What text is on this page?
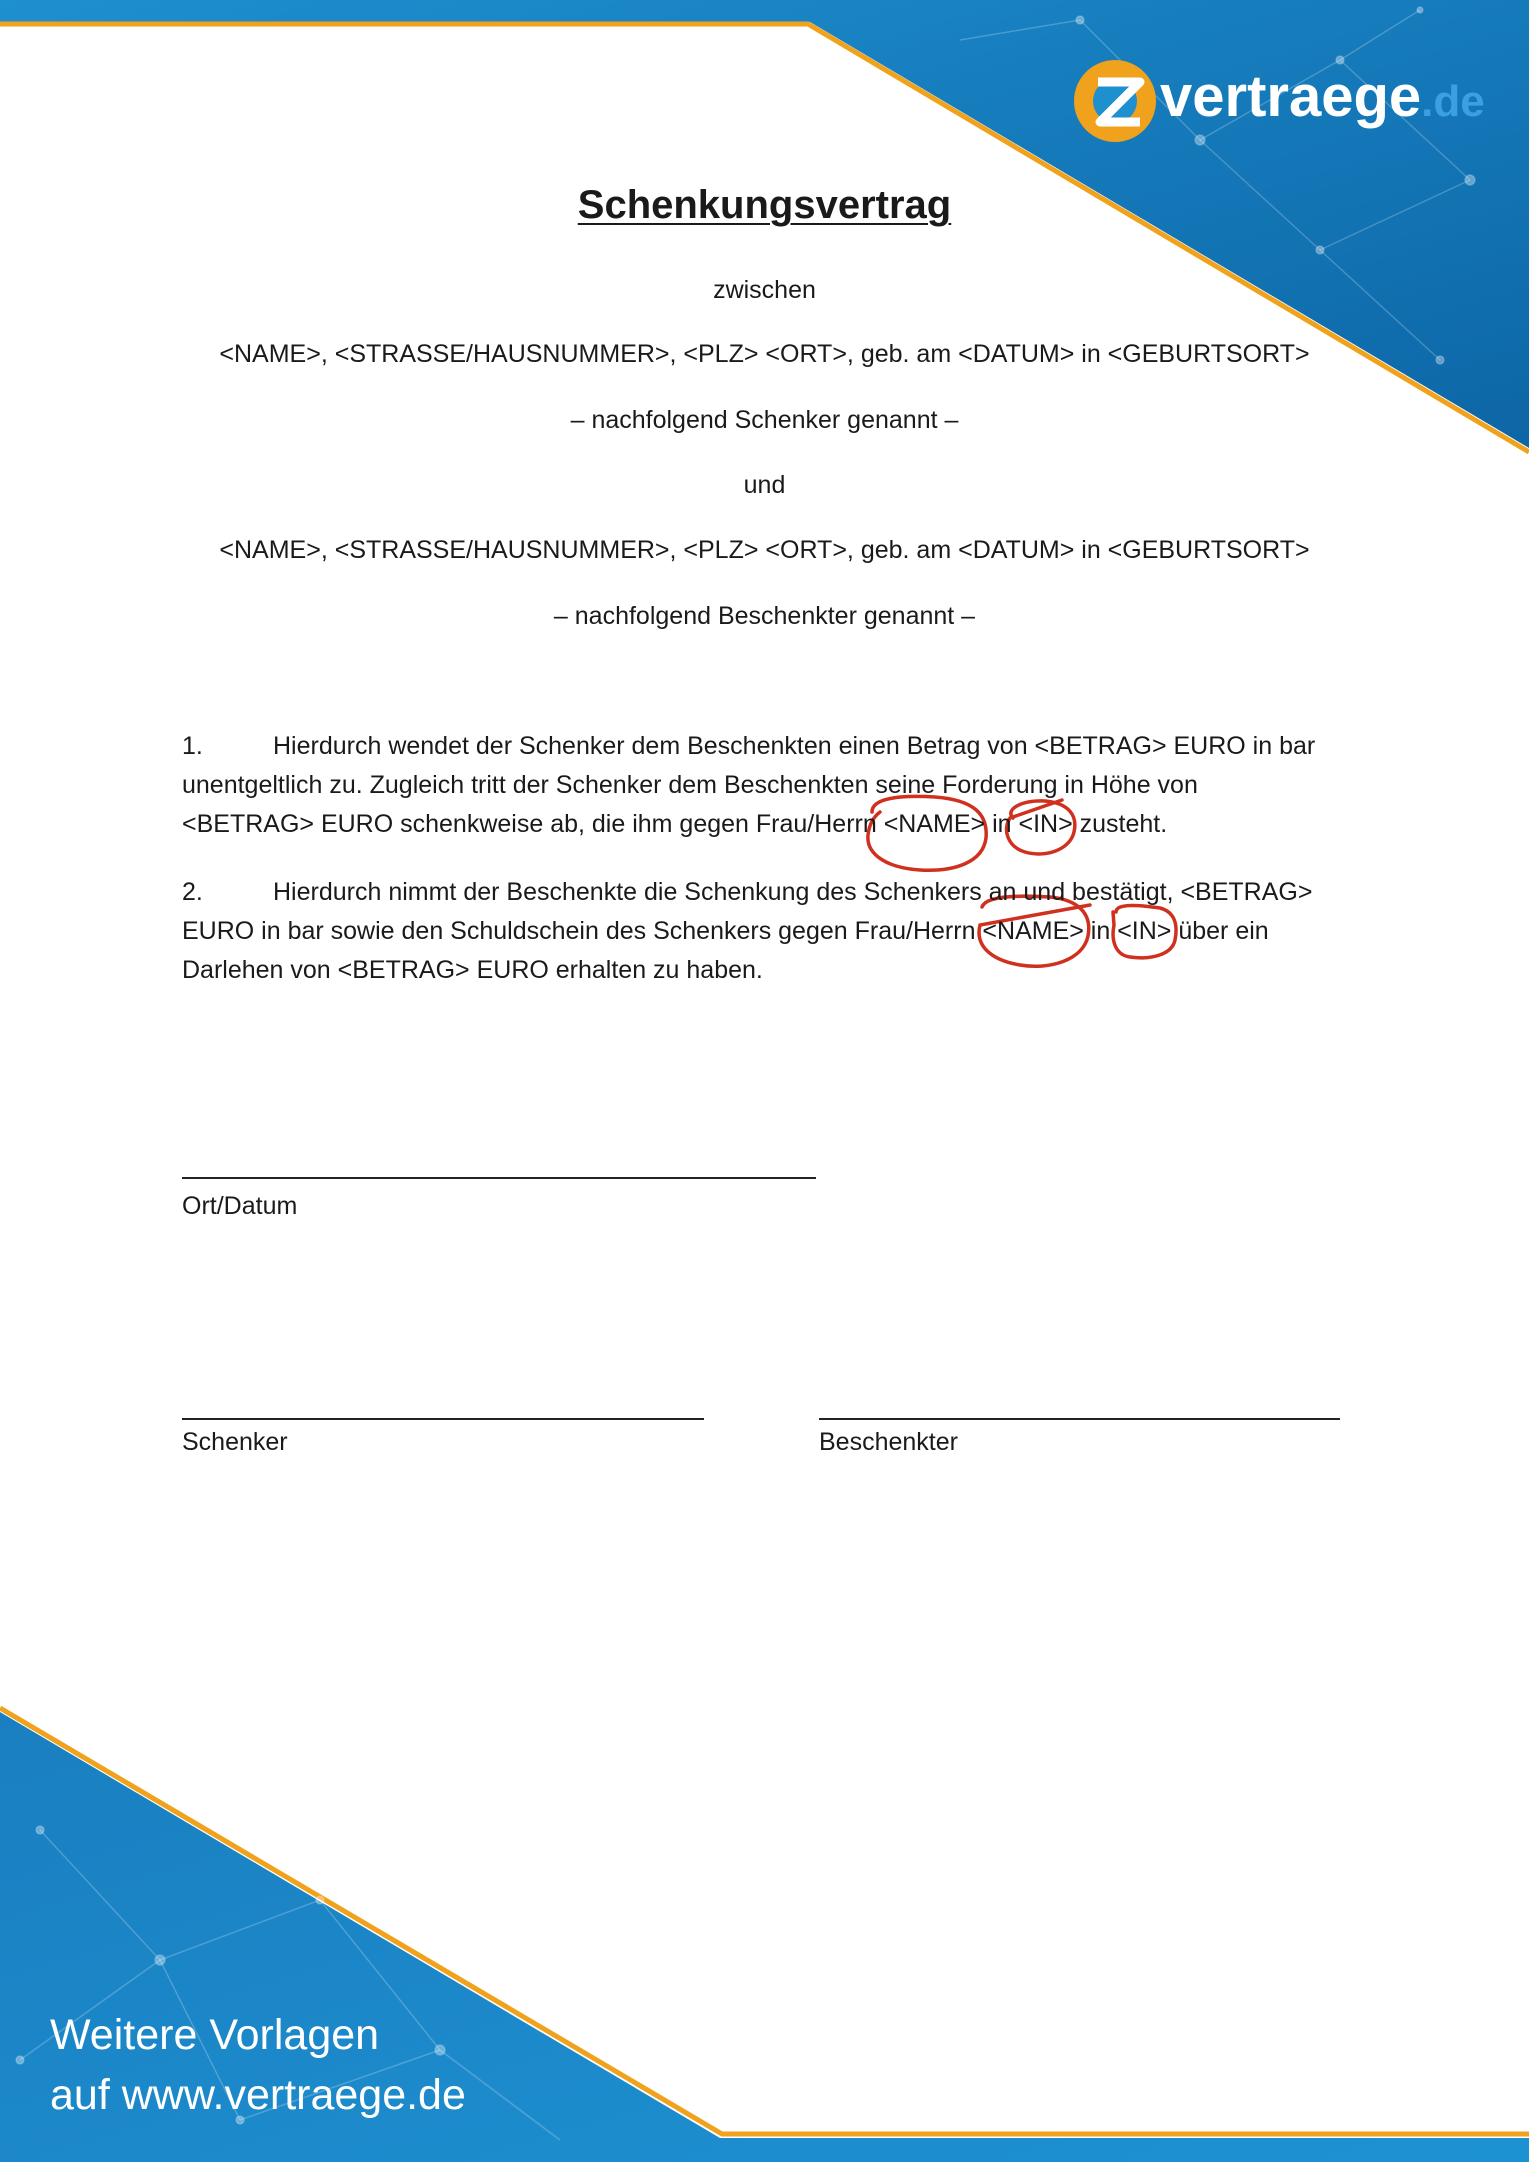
vertraege.de
Schenkungsvertrag
zwischen
<NAME>, <STRASSE/HAUSNUMMER>, <PLZ> <ORT>, geb. am <DATUM> in <GEBURTSORT>
– nachfolgend Schenker genannt –
und
<NAME>, <STRASSE/HAUSNUMMER>, <PLZ> <ORT>, geb. am <DATUM> in <GEBURTSORT>
– nachfolgend Beschenkter genannt –
1.	Hierdurch wendet der Schenker dem Beschenkten einen Betrag von <BETRAG> EURO in bar
unentgeltlich zu. Zugleich tritt der Schenker dem Beschenkten seine Forderung in Höhe von
<BETRAG> EURO schenkweise ab, die ihm gegen Frau/Herrn <NAME> in <IN> zusteht.
2.	Hierdurch nimmt der Beschenkte die Schenkung des Schenkers an und bestätigt, <BETRAG>
EURO in bar sowie den Schuldschein des Schenkers gegen Frau/Herrn <NAME> in <IN> über ein
Darlehen von <BETRAG> EURO erhalten zu haben.
Ort/Datum
Schenker	Beschenkter
Weitere Vorlagen
auf www.vertraege.de
